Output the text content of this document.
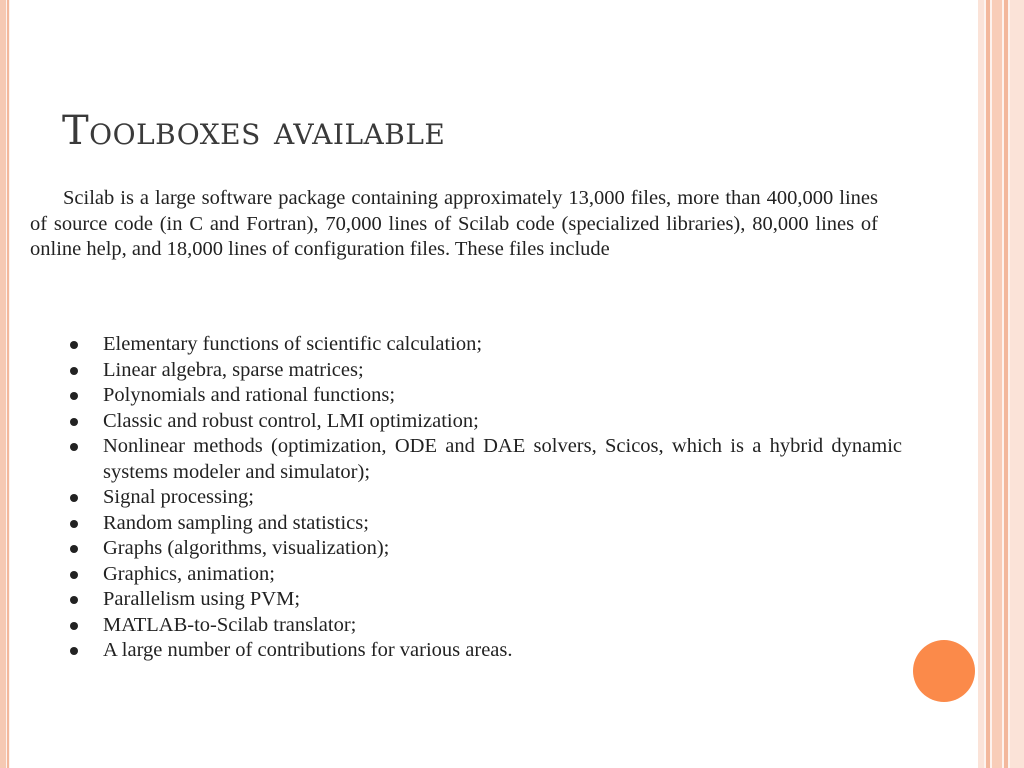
Toolboxes available

Scilab is a large software package containing approximately 13,000 files, more than 400,000 lines of source code (in C and Fortran), 70,000 lines of Scilab code (specialized libraries), 80,000 lines of online help, and 18,000 lines of configuration files. These files include

Elementary functions of scientific calculation;
Linear algebra, sparse matrices;
Polynomials and rational functions;
Classic and robust control, LMI optimization;
Nonlinear methods (optimization, ODE and DAE solvers, Scicos, which is a hybrid dynamic systems modeler and simulator);
Signal processing;
Random sampling and statistics;
Graphs (algorithms, visualization);
Graphics, animation;
Parallelism using PVM;
MATLAB-to-Scilab translator;
A large number of contributions for various areas.
